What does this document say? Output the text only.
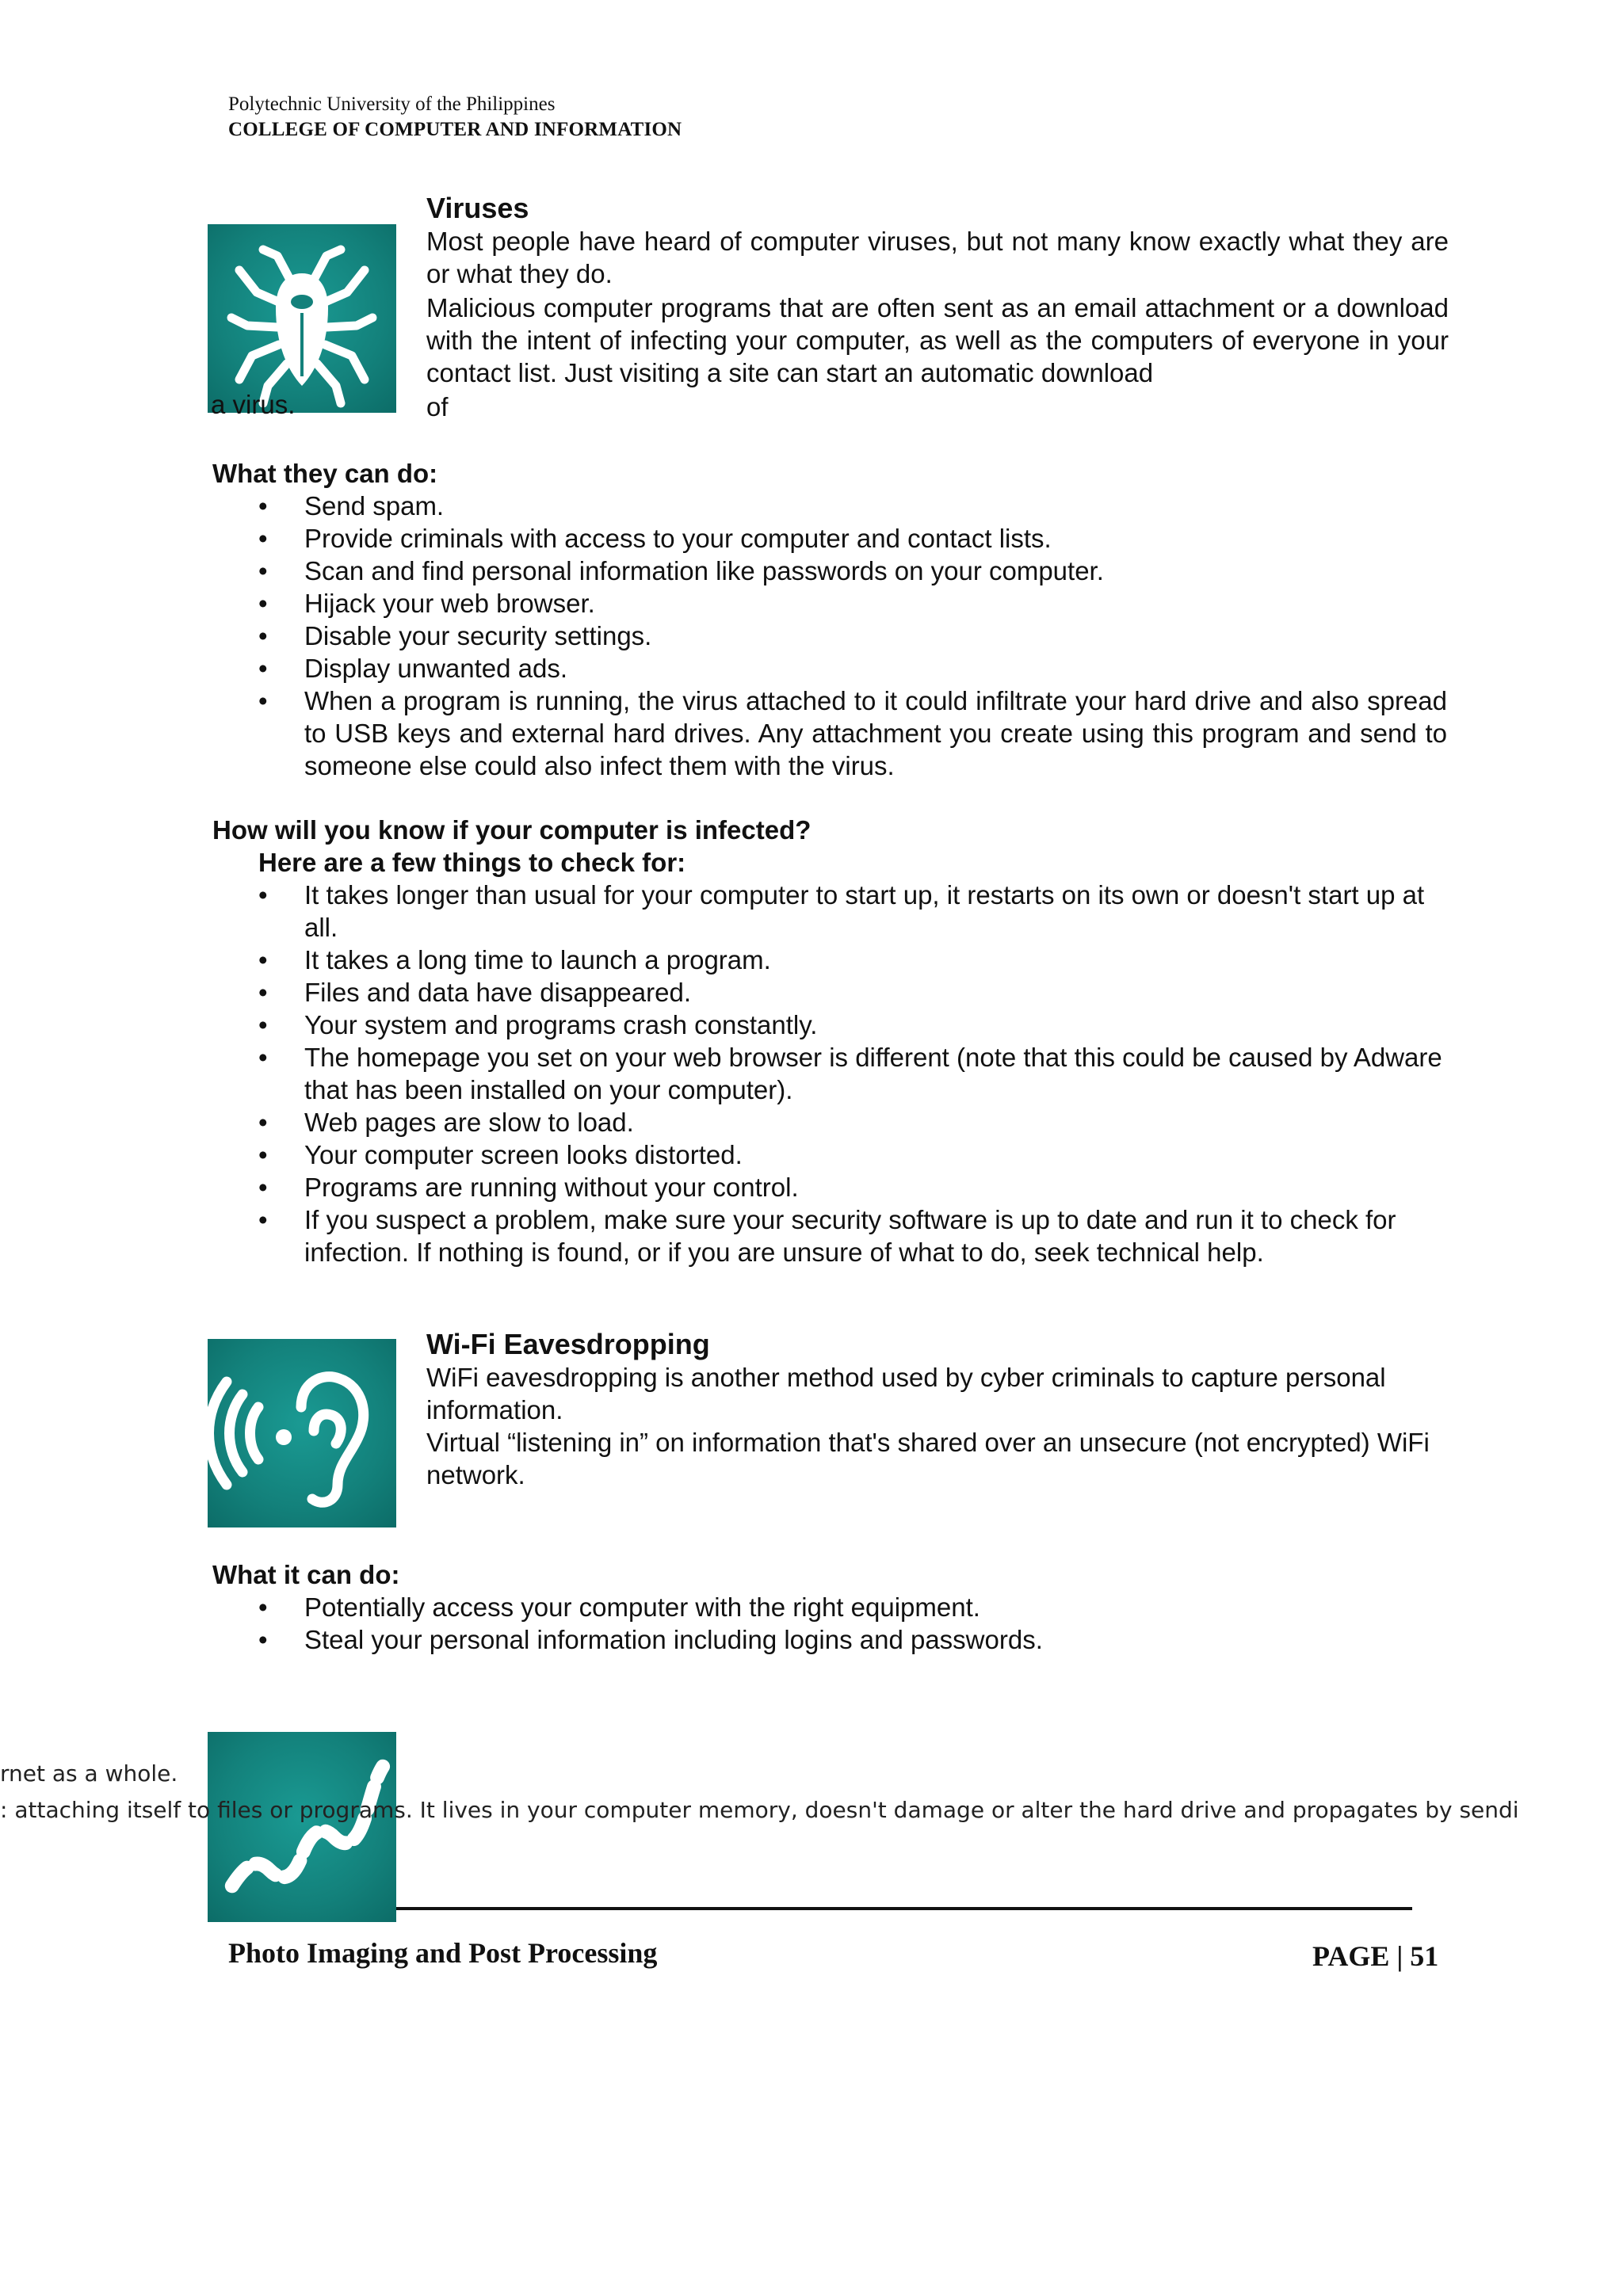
Polytechnic University of the Philippines
COLLEGE OF COMPUTER AND INFORMATION
Viruses
Most people have heard of computer viruses, but not many know exactly what they are or what they do.
Malicious computer programs that are often sent as an email attachment or a download with the intent of infecting your computer, as well as the computers of everyone in your contact list. Just visiting a site can start an automatic download
of
a virus.
What they can do:
• Send spam.
• Provide criminals with access to your computer and contact lists.
• Scan and find personal information like passwords on your computer.
• Hijack your web browser.
• Disable your security settings.
• Display unwanted ads.
• When a program is running, the virus attached to it could infiltrate your hard drive and also spread to USB keys and external hard drives. Any attachment you create using this program and send to someone else could also infect them with the virus.
How will you know if your computer is infected?
Here are a few things to check for:
• It takes longer than usual for your computer to start up, it restarts on its own or doesn't start up at all.
• It takes a long time to launch a program.
• Files and data have disappeared.
• Your system and programs crash constantly.
• The homepage you set on your web browser is different (note that this could be caused by Adware that has been installed on your computer).
• Web pages are slow to load.
• Your computer screen looks distorted.
• Programs are running without your control.
• If you suspect a problem, make sure your security software is up to date and run it to check for infection. If nothing is found, or if you are unsure of what to do, seek technical help.
Wi-Fi Eavesdropping
WiFi eavesdropping is another method used by cyber criminals to capture personal information.
Virtual “listening in” on information that's shared over an unsecure (not encrypted) WiFi network.
What it can do:
• Potentially access your computer with the right equipment.
• Steal your personal information including logins and passwords.
rnet as a whole.
: attaching itself to files or programs. It lives in your computer memory, doesn't damage or alter the hard drive and propagates by sendi
Photo Imaging and Post Processing	PAGE | 51
